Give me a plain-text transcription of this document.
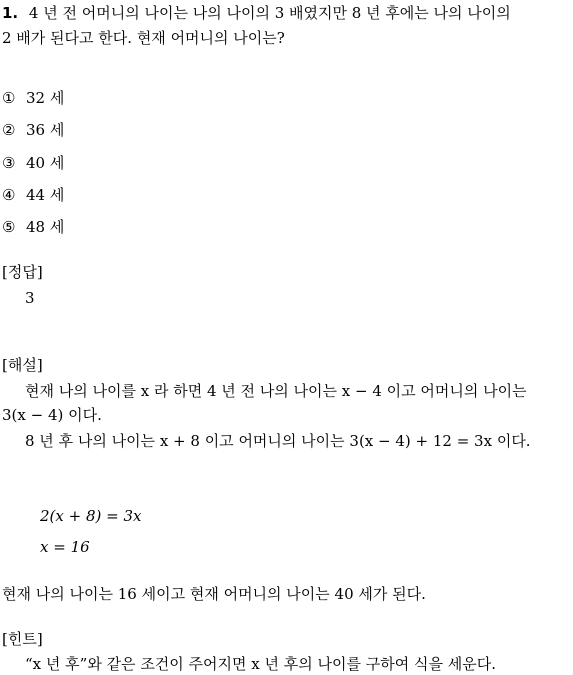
1. 4 년 전 어머니의 나이는 나의 나이의 3 배였지만 8 년 후에는 나의 나이의
2 배가 된다고 한다. 현재 어머니의 나이는?
① 32 세
② 36 세
③ 40 세
④ 44 세
⑤ 48 세
[정답]
3
[해설]
현재 나의 나이를 x 라 하면 4 년 전 나의 나이는 x − 4 이고 어머니의 나이는
3(x − 4) 이다.
8 년 후 나의 나이는 x + 8 이고 어머니의 나이는 3(x − 4) + 12 = 3x 이다.
2(x + 8) = 3x
x = 16
현재 나의 나이는 16 세이고 현재 어머니의 나이는 40 세가 된다.
[힌트]
“x 년 후”와 같은 조건이 주어지면 x 년 후의 나이를 구하여 식을 세운다.
